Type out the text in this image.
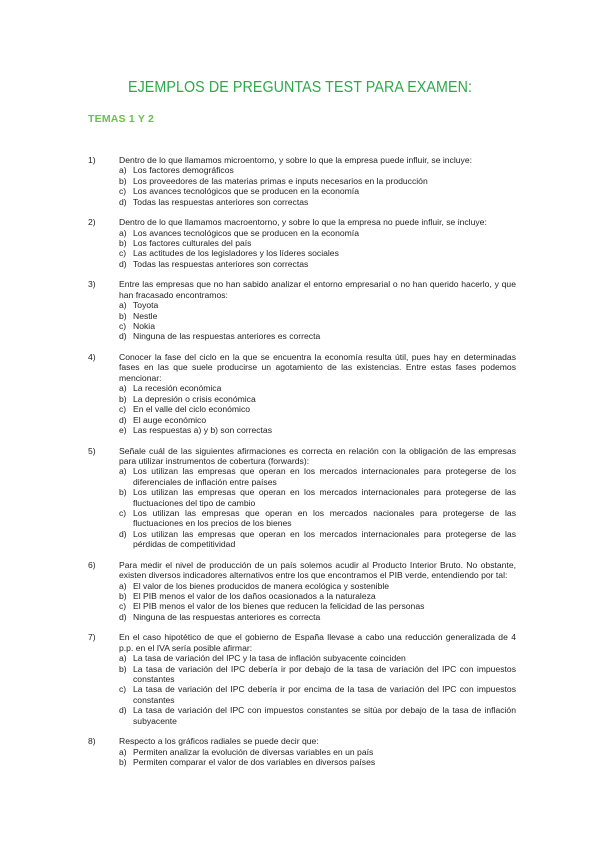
EJEMPLOS DE PREGUNTAS TEST PARA EXAMEN:
TEMAS 1 Y 2
1)	Dentro de lo que llamamos microentorno, y sobre lo que la empresa puede influir, se incluye:
a) Los factores demográficos
b) Los proveedores de las materias primas e inputs necesarios en la producción
c) Los avances tecnológicos que se producen en la economía
d) Todas las respuestas anteriores son correctas
2)	Dentro de lo que llamamos macroentorno, y sobre lo que la empresa no puede influir, se incluye:
a) Los avances tecnológicos que se producen en la economía
b) Los factores culturales del país
c) Las actitudes de los legisladores y los líderes sociales
d) Todas las respuestas anteriores son correctas
3)	Entre las empresas que no han sabido analizar el entorno empresarial o no han querido hacerlo, y que han fracasado encontramos:
a) Toyota
b) Nestle
c) Nokia
d) Ninguna de las respuestas anteriores es correcta
4)	Conocer la fase del ciclo en la que se encuentra la economía resulta útil, pues hay en determinadas fases en las que suele producirse un agotamiento de las existencias. Entre estas fases podemos mencionar:
a) La recesión económica
b) La depresión o crisis económica
c) En el valle del ciclo económico
d) El auge económico
e) Las respuestas a) y b) son correctas
5)	Señale cuál de las siguientes afirmaciones es correcta en relación con la obligación de las empresas para utilizar instrumentos de cobertura (forwards):
a) Los utilizan las empresas que operan en los mercados internacionales para protegerse de los diferenciales de inflación entre países
b) Los utilizan las empresas que operan en los mercados internacionales para protegerse de las fluctuaciones del tipo de cambio
c) Los utilizan las empresas que operan en los mercados nacionales para protegerse de las fluctuaciones en los precios de los bienes
d) Los utilizan las empresas que operan en los mercados internacionales para protegerse de las pérdidas de competitividad
6)	Para medir el nivel de producción de un país solemos acudir al Producto Interior Bruto. No obstante, existen diversos indicadores alternativos entre los que encontramos el PIB verde, entendiendo por tal:
a) El valor de los bienes producidos de manera ecológica y sostenible
b) El PIB menos el valor de los daños ocasionados a la naturaleza
c) El PIB menos el valor de los bienes que reducen la felicidad de las personas
d) Ninguna de las respuestas anteriores es correcta
7)	En el caso hipotético de que el gobierno de España llevase a cabo una reducción generalizada de 4 p.p. en el IVA sería posible afirmar:
a) La tasa de variación del IPC y la tasa de inflación subyacente coinciden
b) La tasa de variación del IPC debería ir por debajo de la tasa de variación del IPC con impuestos constantes
c) La tasa de variación del IPC debería ir por encima de la tasa de variación del IPC con impuestos constantes
d) La tasa de variación del IPC con impuestos constantes se sitúa por debajo de la tasa de inflación subyacente
8)	Respecto a los gráficos radiales se puede decir que:
a) Permiten analizar la evolución de diversas variables en un país
b) Permiten comparar el valor de dos variables en diversos países
